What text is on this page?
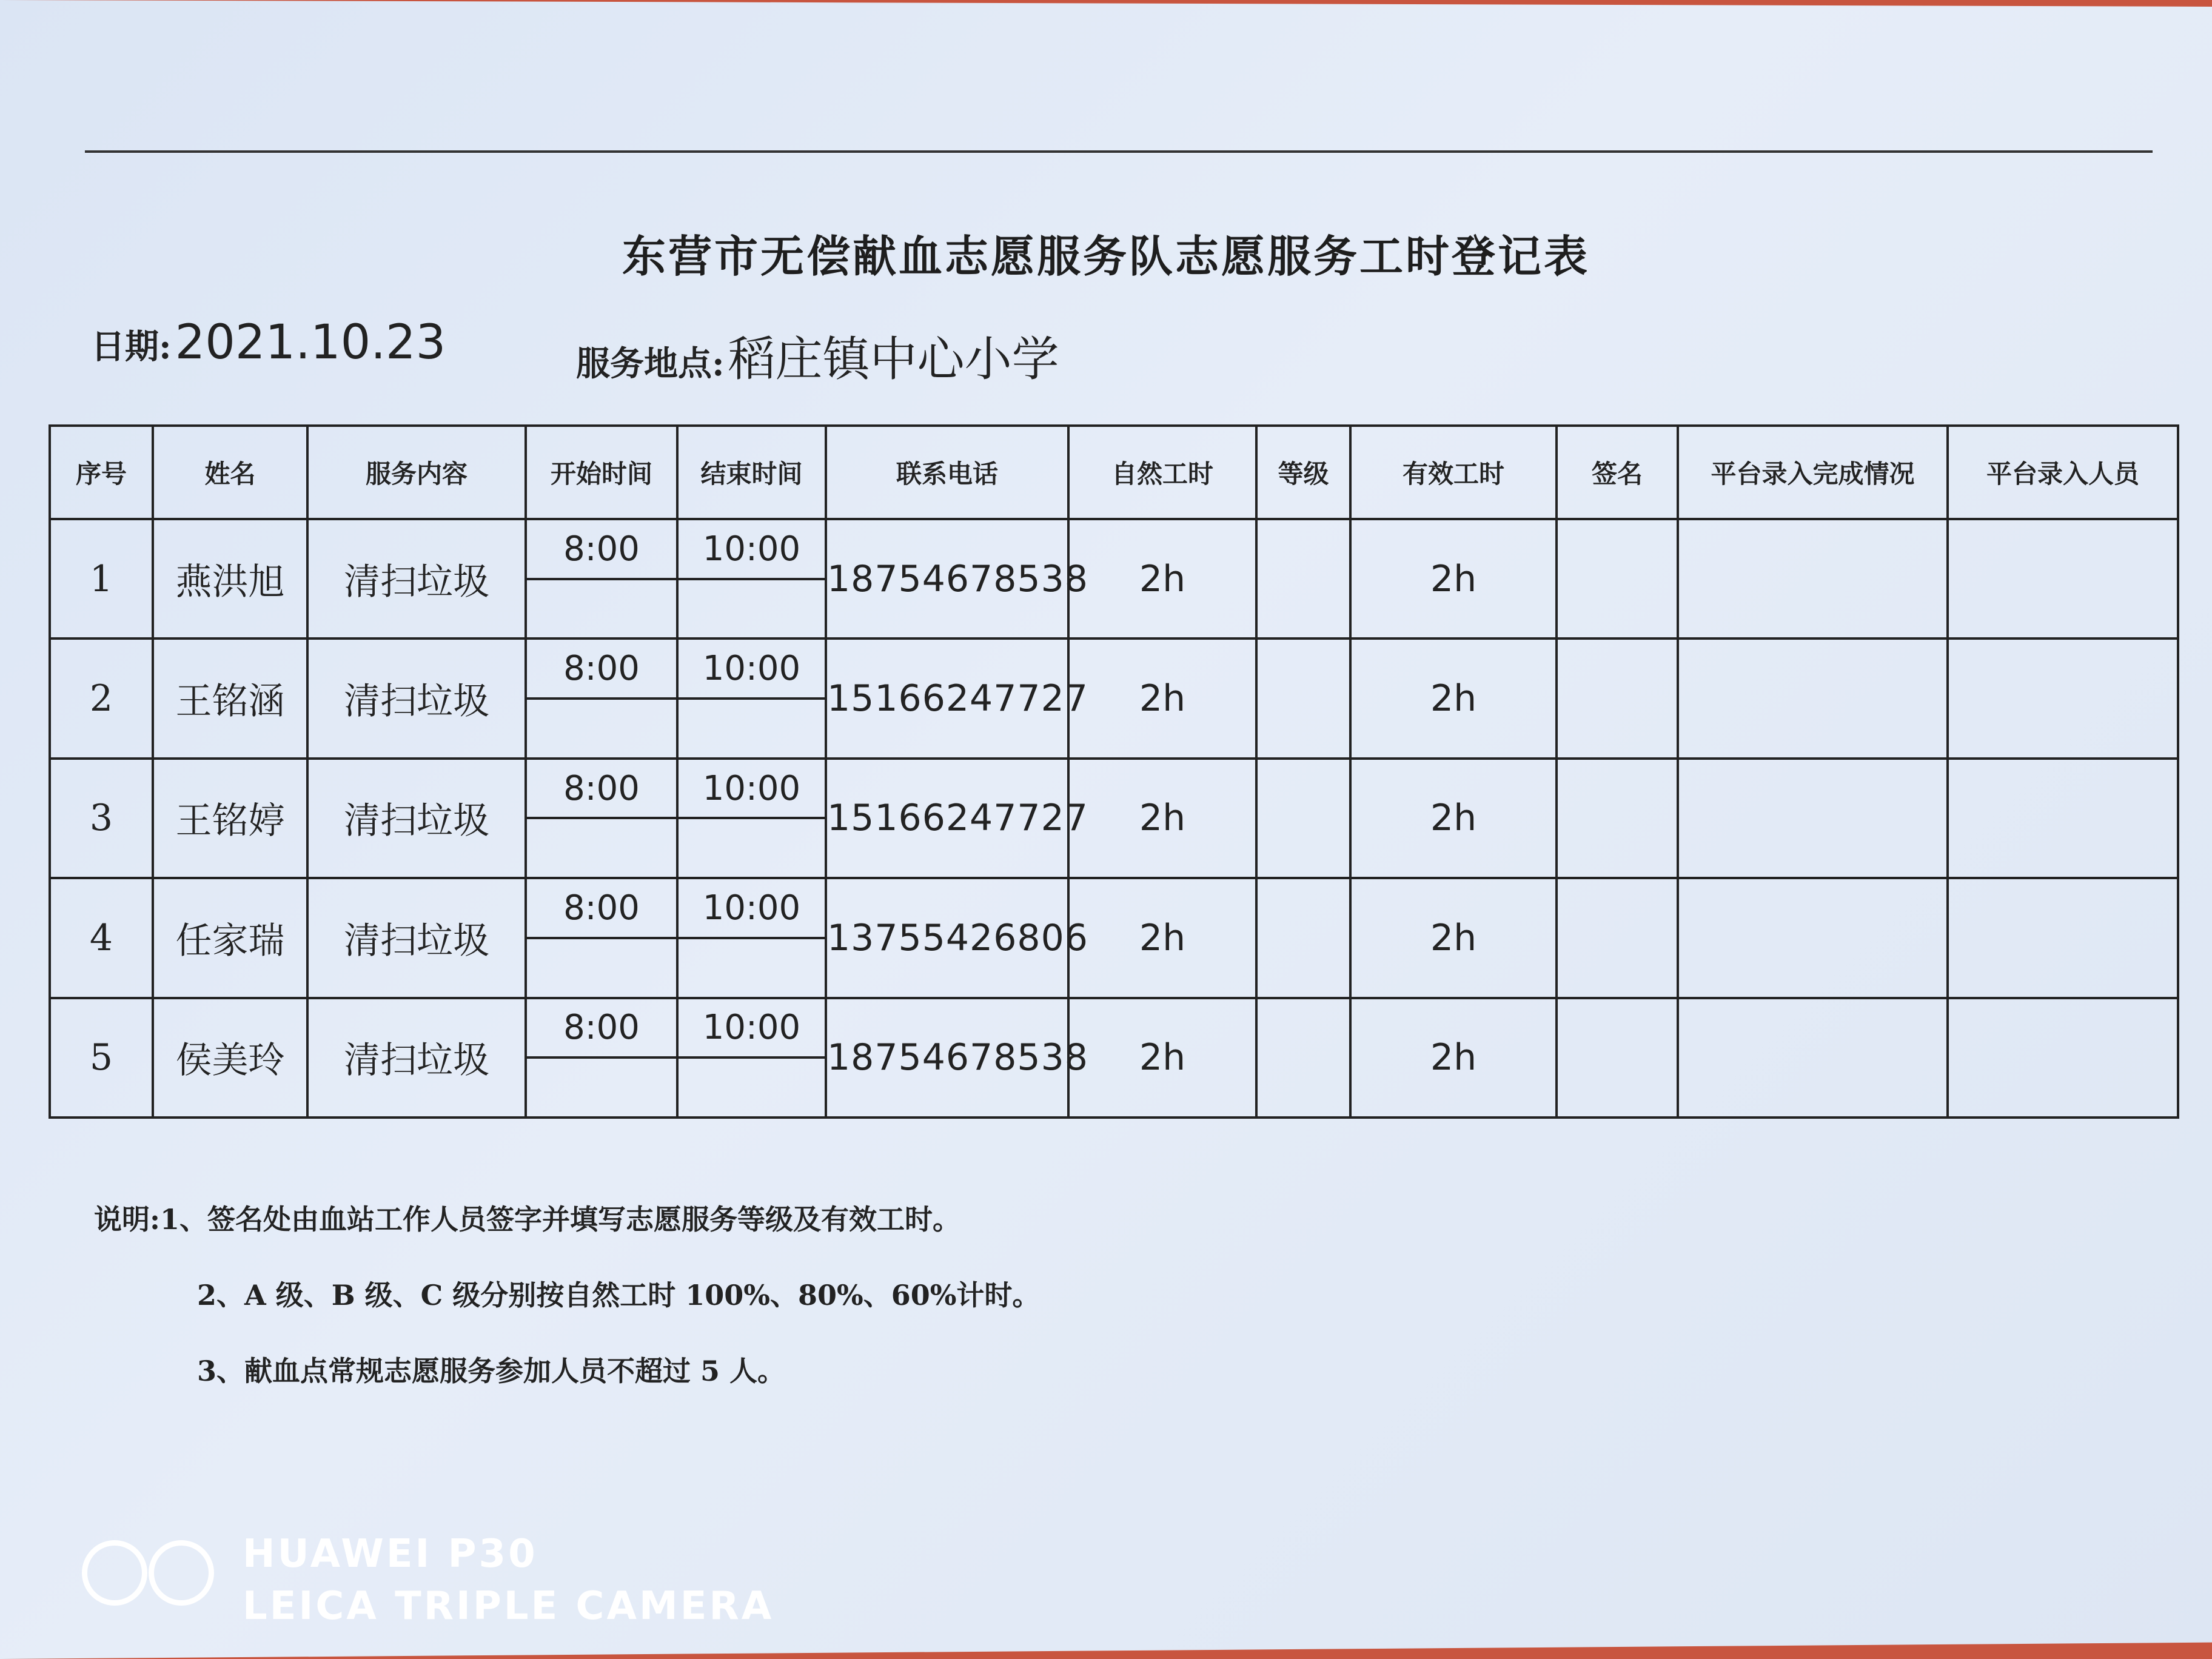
东营市无偿献血志愿服务队志愿服务工时登记表
日期:2021.10.23	服务地点:稻庄镇中心小学
序号	姓名	服务内容	开始时间	结束时间	联系电话	自然工时	等级	有效工时	签名	平台录入完成情况	平台录入人员
1	燕洪旭	清扫垃圾	8:00	10:00	18754678538	2h		2h			
2	王铭涵	清扫垃圾	8:00	10:00	15166247727	2h		2h			
3	王铭婷	清扫垃圾	8:00	10:00	15166247727	2h		2h			
4	任家瑞	清扫垃圾	8:00	10:00	13755426806	2h		2h			
5	侯美玲	清扫垃圾	8:00	10:00	18754678538	2h		2h			
说明:1、签名处由血站工作人员签字并填写志愿服务等级及有效工时。
2、A 级、B 级、C 级分别按自然工时 100%、80%、60%计时。
3、献血点常规志愿服务参加人员不超过 5 人。
HUAWEI P30
LEICA TRIPLE CAMERA
